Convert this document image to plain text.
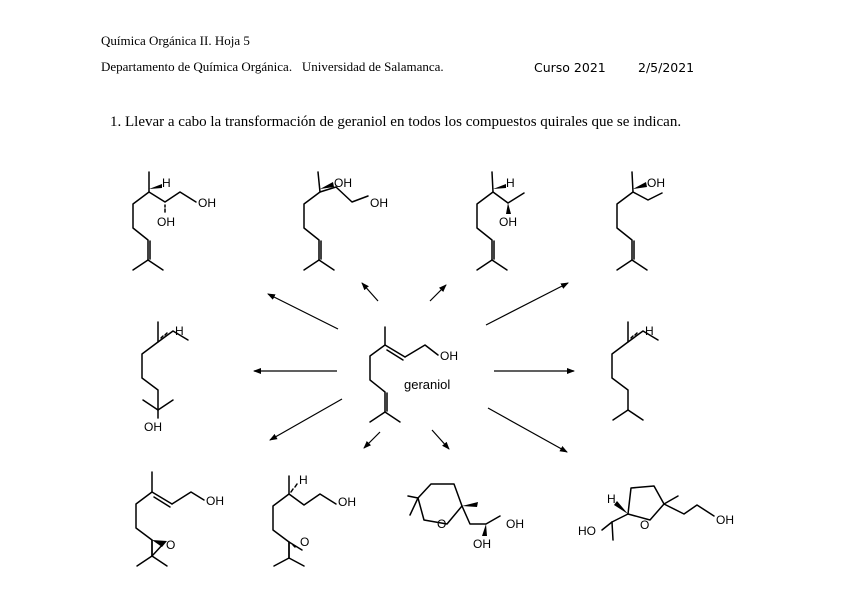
Química Orgánica II. Hoja 5
Departamento de Química Orgánica.   Universidad de Salamanca.	Curso 2021	2/5/2021
1. Llevar a cabo la transformación de geraniol en todos los compuestos quirales que se indican.
OH
geraniol
H
OH
OH
OH
OH
H
OH
OH
H
OH
H
OH
O
H
OH
O
O	OH
OH
H
HO	O	OH
